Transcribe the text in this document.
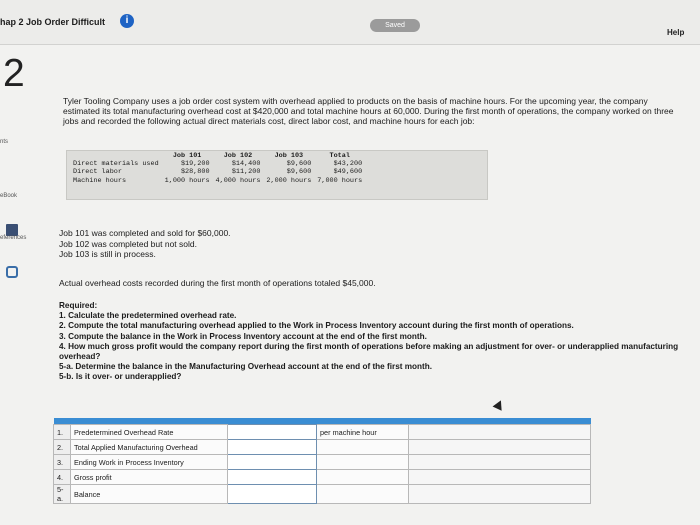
hap 2 Job Order Difficult	i	Saved
Help
2
nts
eBook
eferences
Tyler Tooling Company uses a job order cost system with overhead applied to products on the basis of machine hours. For the upcoming year, the company estimated its total manufacturing overhead cost at $420,000 and total machine hours at 60,000. During the first month of operations, the company worked on three jobs and recorded the following actual direct materials cost, direct labor cost, and machine hours for each job:
	Job 101	Job 102	Job 103	Total
Direct materials used	$19,200	$14,400	$9,600	$43,200
Direct labor	$28,800	$11,200	$9,600	$49,600
Machine hours	1,000 hours	4,000 hours	2,000 hours	7,000 hours
Job 101 was completed and sold for $60,000.
Job 102 was completed but not sold.
Job 103 is still in process.
Actual overhead costs recorded during the first month of operations totaled $45,000.
Required:
1. Calculate the predetermined overhead rate.
2. Compute the total manufacturing overhead applied to the Work in Process Inventory account during the first month of operations.
3. Compute the balance in the Work in Process Inventory account at the end of the first month.
4. How much gross profit would the company report during the first month of operations before making an adjustment for over- or underapplied manufacturing overhead?
5-a. Determine the balance in the Manufacturing Overhead account at the end of the first month.
5-b. Is it over- or underapplied?

1.	Predetermined Overhead Rate		per machine hour	
2.	Total Applied Manufacturing Overhead			
3.	Ending Work in Process Inventory			
4.	Gross profit			
5-a.	Balance			
